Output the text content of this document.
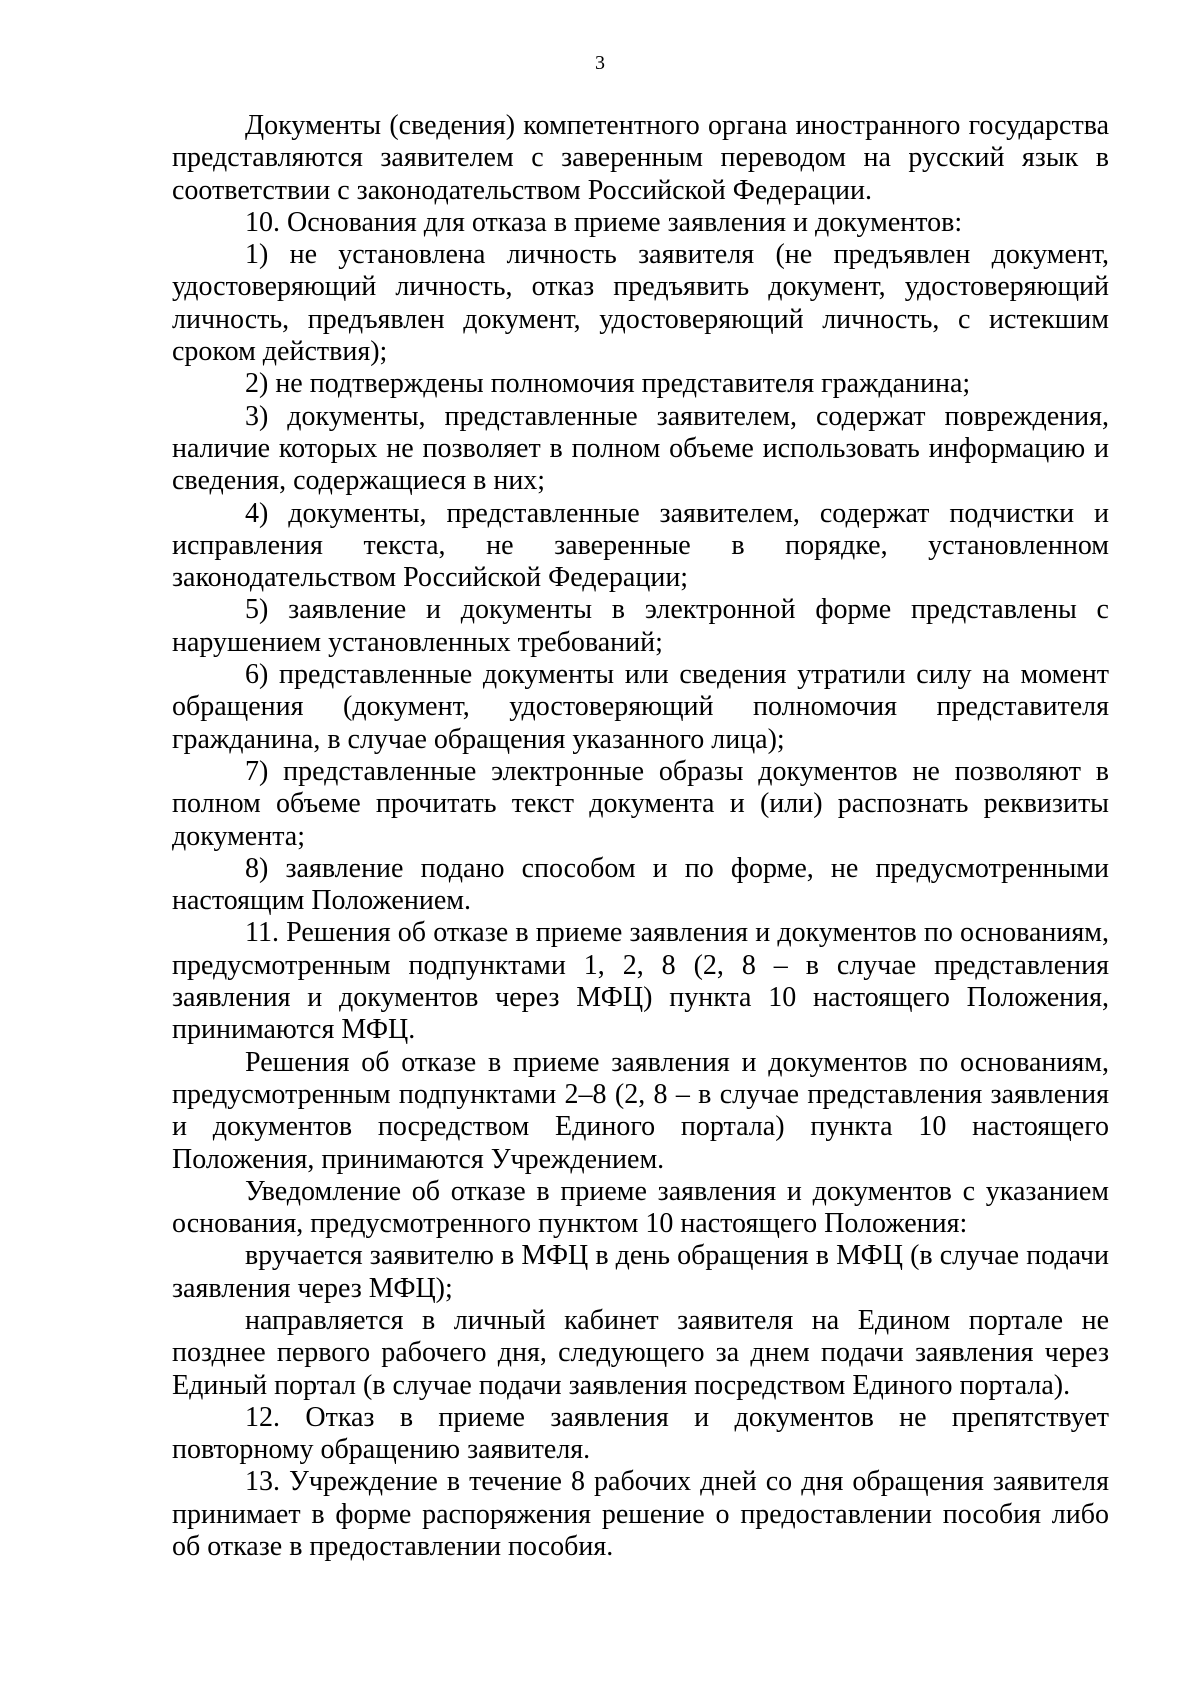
3

Документы (сведения) компетентного органа иностранного государства представляются заявителем с заверенным переводом на русский язык в соответствии с законодательством Российской Федерации.

10. Основания для отказа в приеме заявления и документов:

1) не установлена личность заявителя (не предъявлен документ, удостоверяющий личность, отказ предъявить документ, удостоверяющий личность, предъявлен документ, удостоверяющий личность, с истекшим сроком действия);

2) не подтверждены полномочия представителя гражданина;

3) документы, представленные заявителем, содержат повреждения, наличие которых не позволяет в полном объеме использовать информацию и сведения, содержащиеся в них;

4) документы, представленные заявителем, содержат подчистки и исправления текста, не заверенные в порядке, установленном законодательством Российской Федерации;

5) заявление и документы в электронной форме представлены с нарушением установленных требований;

6) представленные документы или сведения утратили силу на момент обращения (документ, удостоверяющий полномочия представителя гражданина, в случае обращения указанного лица);

7) представленные электронные образы документов не позволяют в полном объеме прочитать текст документа и (или) распознать реквизиты документа;

8) заявление подано способом и по форме, не предусмотренными настоящим Положением.

11. Решения об отказе в приеме заявления и документов по основаниям, предусмотренным подпунктами 1, 2, 8 (2, 8 – в случае представления заявления и документов через МФЦ) пункта 10 настоящего Положения, принимаются МФЦ.

Решения об отказе в приеме заявления и документов по основаниям, предусмотренным подпунктами 2–8 (2, 8 – в случае представления заявления и документов посредством Единого портала) пункта 10 настоящего Положения, принимаются Учреждением.

Уведомление об отказе в приеме заявления и документов с указанием основания, предусмотренного пунктом 10 настоящего Положения:

вручается заявителю в МФЦ в день обращения в МФЦ (в случае подачи заявления через МФЦ);

направляется в личный кабинет заявителя на Едином портале не позднее первого рабочего дня, следующего за днем подачи заявления через Единый портал (в случае подачи заявления посредством Единого портала).

12. Отказ в приеме заявления и документов не препятствует повторному обращению заявителя.

13. Учреждение в течение 8 рабочих дней со дня обращения заявителя принимает в форме распоряжения решение о предоставлении пособия либо об отказе в предоставлении пособия.
